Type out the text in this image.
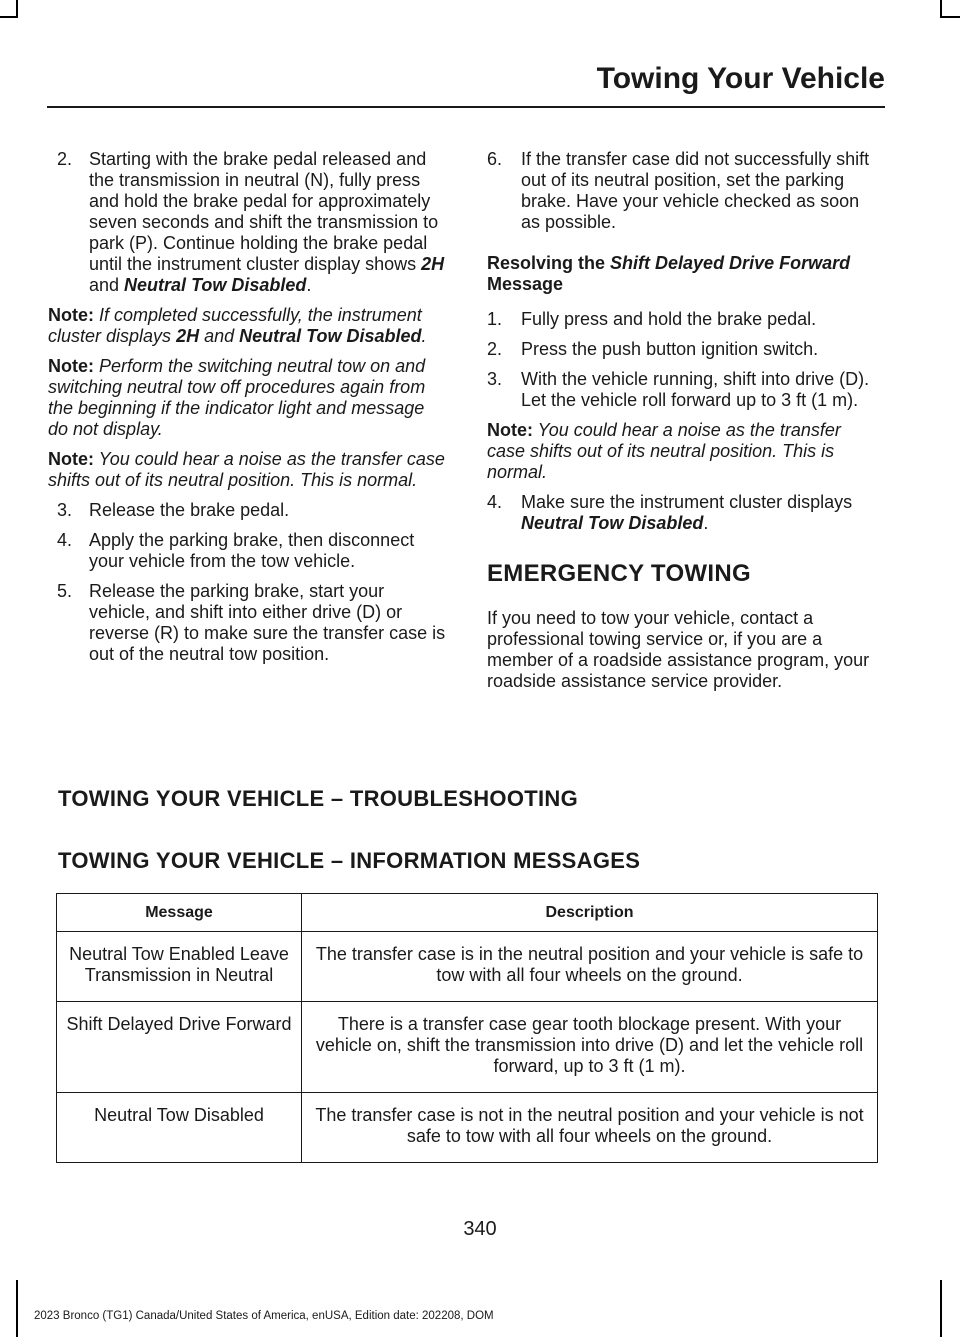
Towing Your Vehicle
2. Starting with the brake pedal released and the transmission in neutral (N), fully press and hold the brake pedal for approximately seven seconds and shift the transmission to park (P). Continue holding the brake pedal until the instrument cluster display shows 2H and Neutral Tow Disabled.

Note: If completed successfully, the instrument cluster displays 2H and Neutral Tow Disabled.

Note: Perform the switching neutral tow on and switching neutral tow off procedures again from the beginning if the indicator light and message do not display.

Note: You could hear a noise as the transfer case shifts out of its neutral position. This is normal.

3. Release the brake pedal.
4. Apply the parking brake, then disconnect your vehicle from the tow vehicle.
5. Release the parking brake, start your vehicle, and shift into either drive (D) or reverse (R) to make sure the transfer case is out of the neutral tow position.
6. If the transfer case did not successfully shift out of its neutral position, set the parking brake. Have your vehicle checked as soon as possible.

Resolving the Shift Delayed Drive Forward Message

1. Fully press and hold the brake pedal.
2. Press the push button ignition switch.
3. With the vehicle running, shift into drive (D). Let the vehicle roll forward up to 3 ft (1 m).

Note: You could hear a noise as the transfer case shifts out of its neutral position. This is normal.

4. Make sure the instrument cluster displays Neutral Tow Disabled.
EMERGENCY TOWING

If you need to tow your vehicle, contact a professional towing service or, if you are a member of a roadside assistance program, your roadside assistance service provider.

TOWING YOUR VEHICLE – TROUBLESHOOTING
TOWING YOUR VEHICLE – INFORMATION MESSAGES
Message	Description
Neutral Tow Enabled Leave Transmission in Neutral	The transfer case is in the neutral position and your vehicle is safe to tow with all four wheels on the ground.
Shift Delayed Drive Forward	There is a transfer case gear tooth blockage present. With your vehicle on, shift the transmission into drive (D) and let the vehicle roll forward, up to 3 ft (1 m).
Neutral Tow Disabled	The transfer case is not in the neutral position and your vehicle is not safe to tow with all four wheels on the ground.

340

2023 Bronco (TG1) Canada/United States of America, enUSA, Edition date: 202208, DOM
